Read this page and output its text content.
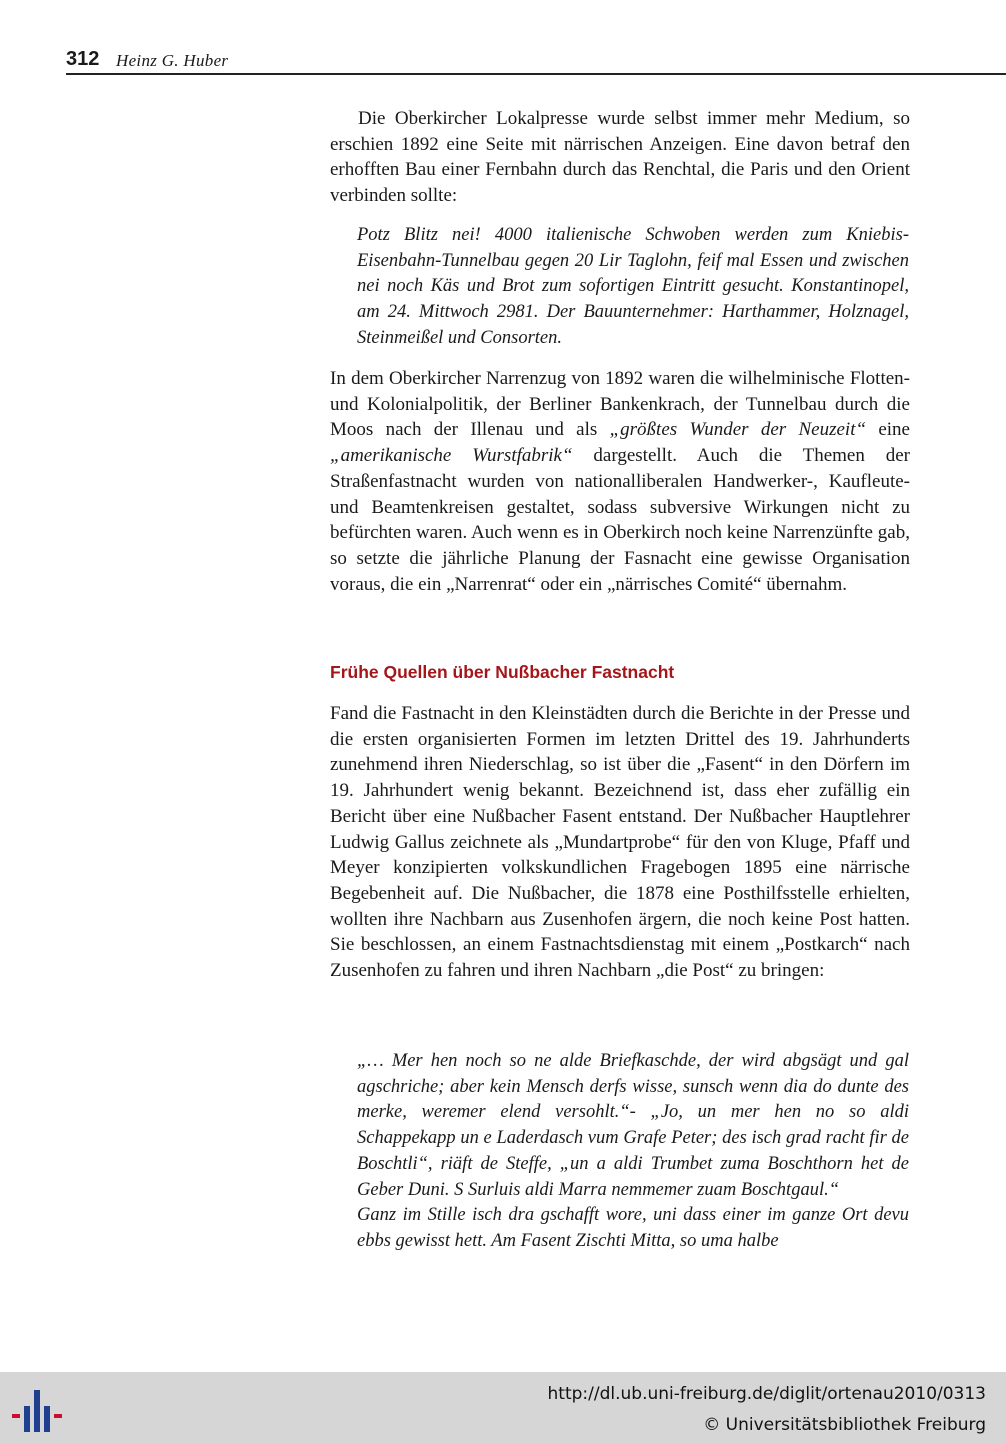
312 Heinz G. Huber

Die Oberkircher Lokalpresse wurde selbst immer mehr Medium, so erschien 1892 eine Seite mit närrischen Anzeigen. Eine davon betraf den erhofften Bau einer Fernbahn durch das Renchtal, die Paris und den Orient verbinden sollte:

Potz Blitz nei! 4000 italienische Schwoben werden zum Kniebis-Eisenbahn-Tunnelbau gegen 20 Lir Taglohn, feif mal Essen und zwischen nei noch Käs und Brot zum sofortigen Eintritt gesucht. Konstantinopel, am 24. Mittwoch 2981. Der Bauunternehmer: Harthammer, Holznagel, Steinmeißel und Consorten.

In dem Oberkircher Narrenzug von 1892 waren die wilhelminische Flotten- und Kolonialpolitik, der Berliner Bankenkrach, der Tunnelbau durch die Moos nach der Illenau und als „größtes Wunder der Neuzeit“ eine „amerikanische Wurstfabrik“ dargestellt. Auch die Themen der Straßenfastnacht wurden von nationalliberalen Handwerker-, Kaufleute- und Beamtenkreisen gestaltet, sodass subversive Wirkungen nicht zu befürchten waren. Auch wenn es in Oberkirch noch keine Narrenzünfte gab, so setzte die jährliche Planung der Fasnacht eine gewisse Organisation voraus, die ein „Narrenrat“ oder ein „närrisches Comité“ übernahm.

Frühe Quellen über Nußbacher Fastnacht

Fand die Fastnacht in den Kleinstädten durch die Berichte in der Presse und die ersten organisierten Formen im letzten Drittel des 19. Jahrhunderts zunehmend ihren Niederschlag, so ist über die „Fasent“ in den Dörfern im 19. Jahrhundert wenig bekannt. Bezeichnend ist, dass eher zufällig ein Bericht über eine Nußbacher Fasent entstand. Der Nußbacher Hauptlehrer Ludwig Gallus zeichnete als „Mundartprobe“ für den von Kluge, Pfaff und Meyer konzipierten volkskundlichen Fragebogen 1895 eine närrische Begebenheit auf. Die Nußbacher, die 1878 eine Posthilfsstelle erhielten, wollten ihre Nachbarn aus Zusenhofen ärgern, die noch keine Post hatten. Sie beschlossen, an einem Fastnachtsdienstag mit einem „Postkarch“ nach Zusenhofen zu fahren und ihren Nachbarn „die Post“ zu bringen:

„… Mer hen noch so ne alde Briefkaschde, der wird abgsägt und gal agschriche; aber kein Mensch derfs wisse, sunsch wenn dia do dunte des merke, weremer elend versohlt.“- „Jo, un mer hen no so aldi Schappekapp un e Laderdasch vum Grafe Peter; des isch grad racht fir de Boschtli“, riäft de Steffe, „un a aldi Trumbet zuma Boschthorn het de Geber Duni. S Surluis aldi Marra nemmemer zuam Boschtgaul.“
Ganz im Stille isch dra gschafft wore, uni dass einer im ganze Ort devu ebbs gewisst hett. Am Fasent Zischti Mitta, so uma halbe

http://dl.ub.uni-freiburg.de/diglit/ortenau2010/0313
© Universitätsbibliothek Freiburg
